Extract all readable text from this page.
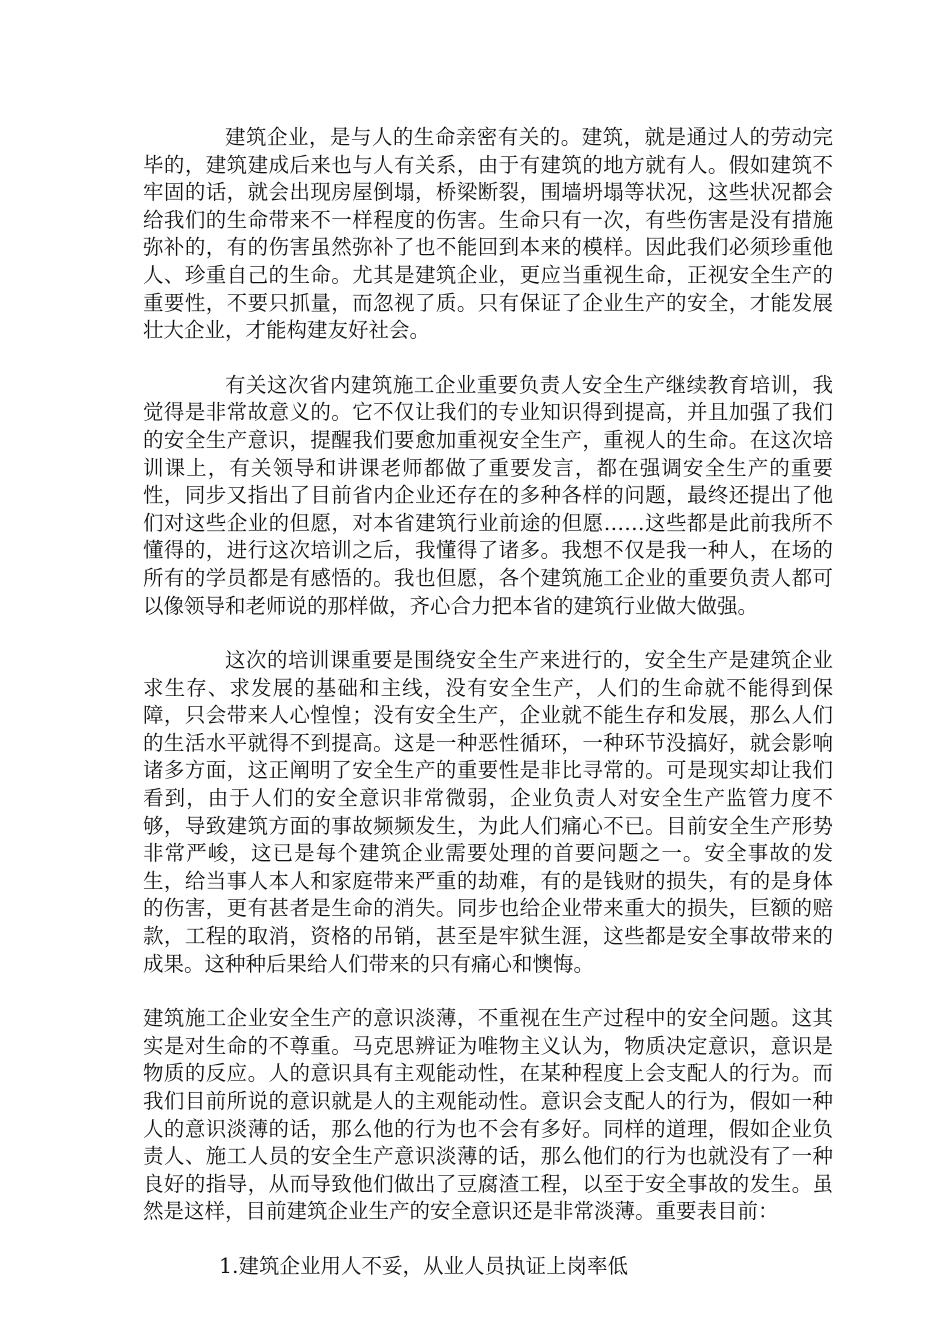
建筑企业，是与人的生命亲密有关的。建筑，就是通过人的劳动完毕的，建筑建成后来也与人有关系，由于有建筑的地方就有人。假如建筑不牢固的话，就会出现房屋倒塌，桥梁断裂，围墙坍塌等状况，这些状况都会给我们的生命带来不一样程度的伤害。生命只有一次，有些伤害是没有措施弥补的，有的伤害虽然弥补了也不能回到本来的模样。因此我们必须珍重他人、珍重自己的生命。尤其是建筑企业，更应当重视生命，正视安全生产的重要性，不要只抓量，而忽视了质。只有保证了企业生产的安全，才能发展壮大企业，才能构建友好社会。

有关这次省内建筑施工企业重要负责人安全生产继续教育培训，我觉得是非常故意义的。它不仅让我们的专业知识得到提高，并且加强了我们的安全生产意识，提醒我们要愈加重视安全生产，重视人的生命。在这次培训课上，有关领导和讲课老师都做了重要发言，都在强调安全生产的重要性，同步又指出了目前省内企业还存在的多种各样的问题，最终还提出了他们对这些企业的但愿，对本省建筑行业前途的但愿……这些都是此前我所不懂得的，进行这次培训之后，我懂得了诸多。我想不仅是我一种人，在场的所有的学员都是有感悟的。我也但愿，各个建筑施工企业的重要负责人都可以像领导和老师说的那样做，齐心合力把本省的建筑行业做大做强。

这次的培训课重要是围绕安全生产来进行的，安全生产是建筑企业求生存、求发展的基础和主线，没有安全生产，人们的生命就不能得到保障，只会带来人心惶惶；没有安全生产，企业就不能生存和发展，那么人们的生活水平就得不到提高。这是一种恶性循环，一种环节没搞好，就会影响诸多方面，这正阐明了安全生产的重要性是非比寻常的。可是现实却让我们看到，由于人们的安全意识非常微弱，企业负责人对安全生产监管力度不够，导致建筑方面的事故频频发生，为此人们痛心不已。目前安全生产形势非常严峻，这已是每个建筑企业需要处理的首要问题之一。安全事故的发生，给当事人本人和家庭带来严重的劫难，有的是钱财的损失，有的是身体的伤害，更有甚者是生命的消失。同步也给企业带来重大的损失，巨额的赔款，工程的取消，资格的吊销，甚至是牢狱生涯，这些都是安全事故带来的成果。这种种后果给人们带来的只有痛心和懊悔。

建筑施工企业安全生产的意识淡薄，不重视在生产过程中的安全问题。这其实是对生命的不尊重。马克思辨证为唯物主义认为，物质决定意识，意识是物质的反应。人的意识具有主观能动性，在某种程度上会支配人的行为。而我们目前所说的意识就是人的主观能动性。意识会支配人的行为，假如一种人的意识淡薄的话，那么他的行为也不会有多好。同样的道理，假如企业负责人、施工人员的安全生产意识淡薄的话，那么他们的行为也就没有了一种良好的指导，从而导致他们做出了豆腐渣工程，以至于安全事故的发生。虽然是这样，目前建筑企业生产的安全意识还是非常淡薄。重要表目前：

1.建筑企业用人不妥，从业人员执证上岗率低
